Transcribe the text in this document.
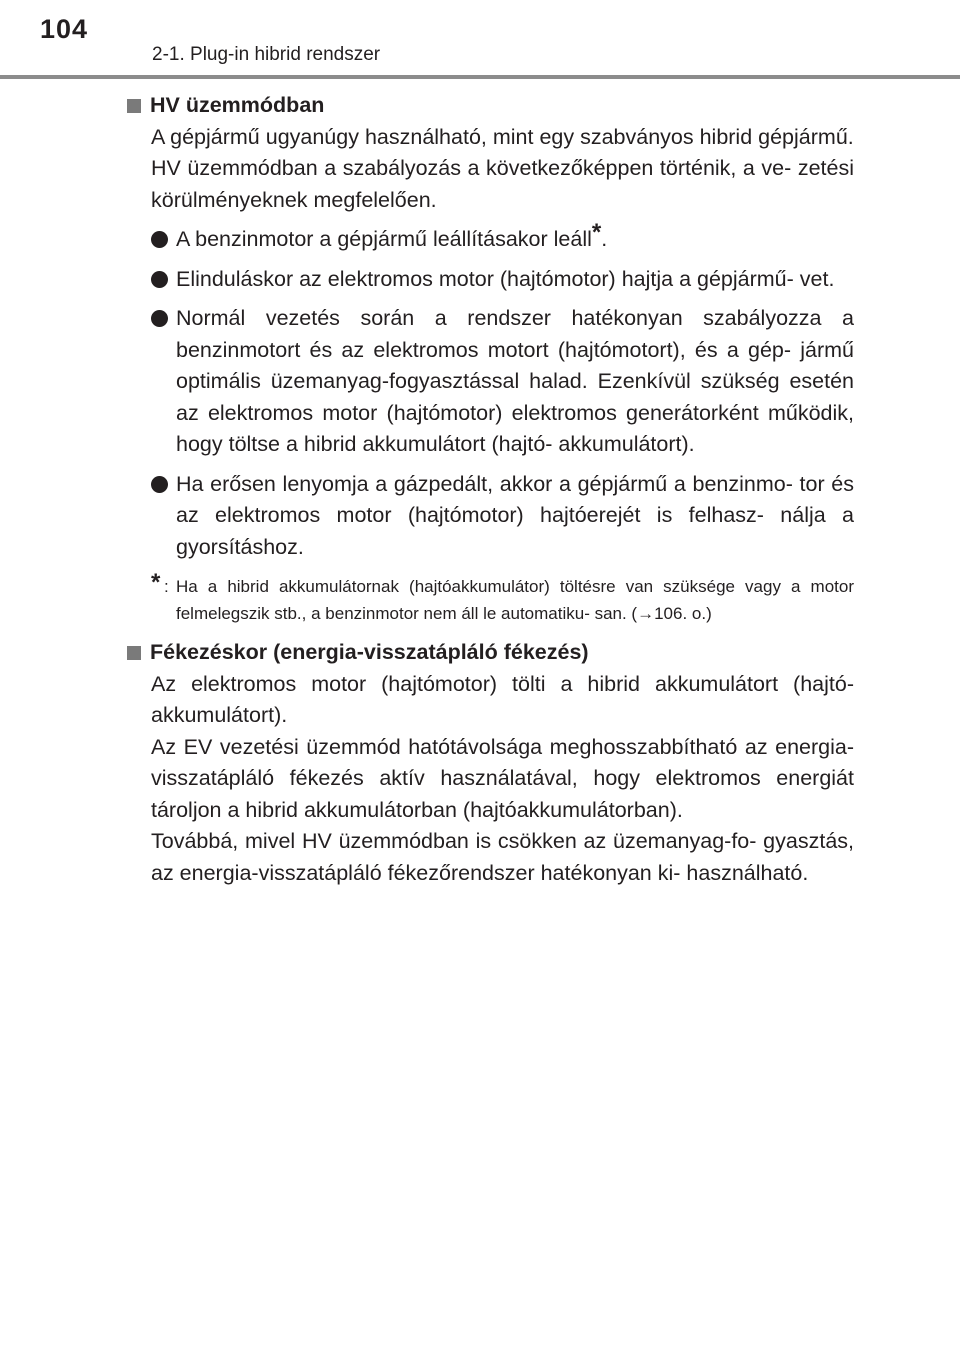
104
2-1. Plug-in hibrid rendszer
HV üzemmódban

A gépjármű ugyanúgy használható, mint egy szabványos hibrid gépjármű.

HV üzemmódban a szabályozás a következőképpen történik, a ve- zetési körülményeknek megfelelően.

A benzinmotor a gépjármű leállításakor leáll*.
Elinduláskor az elektromos motor (hajtómotor) hajtja a gépjármű- vet.
Normál vezetés során a rendszer hatékonyan szabályozza a benzinmotort és az elektromos motort (hajtómotort), és a gép- jármű optimális üzemanyag-fogyasztással halad. Ezenkívül szükség esetén az elektromos motor (hajtómotor) elektromos generátorként működik, hogy töltse a hibrid akkumulátort (hajtó- akkumulátort).
Ha erősen lenyomja a gázpedált, akkor a gépjármű a benzinmo- tor és az elektromos motor (hajtómotor) hajtóerejét is felhasz- nálja a gyorsításhoz.
* : Ha a hibrid akkumulátornak (hajtóakkumulátor) töltésre van szüksége vagy a motor felmelegszik stb., a benzinmotor nem áll le automatiku- san. (→106. o.)
Fékezéskor (energia-visszatápláló fékezés)

Az elektromos motor (hajtómotor) tölti a hibrid akkumulátort (hajtó- akkumulátort).

Az EV vezetési üzemmód hatótávolsága meghosszabbítható az energia-visszatápláló fékezés aktív használatával, hogy elektromos energiát tároljon a hibrid akkumulátorban (hajtóakkumulátorban).

Továbbá, mivel HV üzemmódban is csökken az üzemanyag-fo- gyasztás, az energia-visszatápláló fékezőrendszer hatékonyan ki- használható.
